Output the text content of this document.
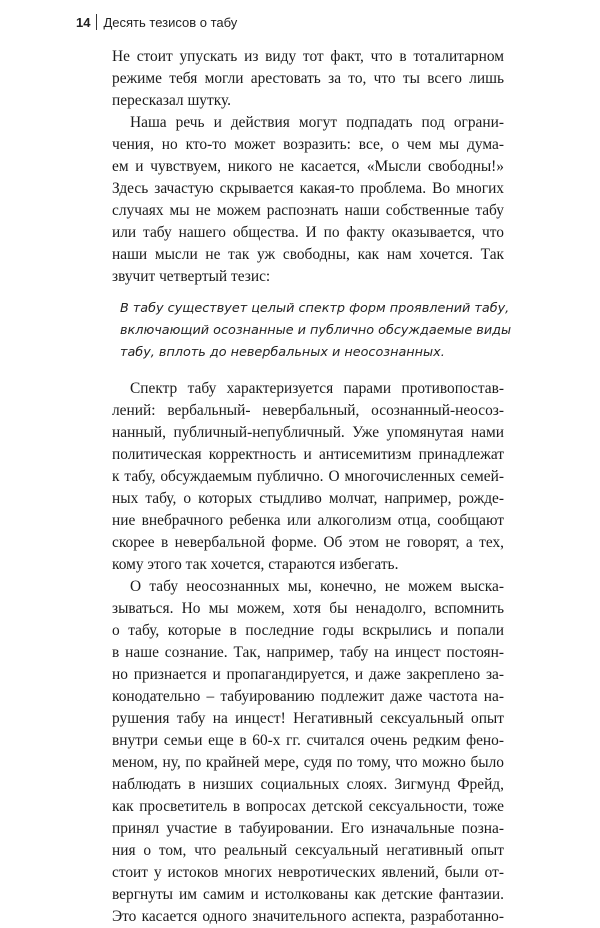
14 Десять тезисов о табу
Не стоит упускать из виду тот факт, что в тоталитарном
режиме тебя могли арестовать за то, что ты всего лишь
пересказал шутку.
Наша речь и действия могут подпадать под ограни-
чения, но кто-то может возразить: все, о чем мы дума-
ем и чувствуем, никого не касается, «Мысли свободны!»
Здесь зачастую скрывается какая-то проблема. Во многих
случаях мы не можем распознать наши собственные табу
или табу нашего общества. И по факту оказывается, что
наши мысли не так уж свободны, как нам хочется. Так
звучит четвертый тезис:
В табу существует целый спектр форм проявлений табу,
включающий осознанные и публично обсуждаемые виды
табу, вплоть до невербальных и неосознанных.
Спектр табу характеризуется парами противопостав-
лений: вербальный- невербальный, осознанный-неосоз-
нанный, публичный-непубличный. Уже упомянутая нами
политическая корректность и антисемитизм принадлежат
к табу, обсуждаемым публично. О многочисленных семей-
ных табу, о которых стыдливо молчат, например, рожде-
ние внебрачного ребенка или алкоголизм отца, сообщают
скорее в невербальной форме. Об этом не говорят, а тех,
кому этого так хочется, стараются избегать.
О табу неосознанных мы, конечно, не можем выска-
зываться. Но мы можем, хотя бы ненадолго, вспомнить
о табу, которые в последние годы вскрылись и попали
в наше сознание. Так, например, табу на инцест постоян-
но признается и пропагандируется, и даже закреплено за-
конодательно – табуированию подлежит даже частота на-
рушения табу на инцест! Негативный сексуальный опыт
внутри семьи еще в 60-х гг. считался очень редким фено-
меном, ну, по крайней мере, судя по тому, что можно было
наблюдать в низших социальных слоях. Зигмунд Фрейд,
как просветитель в вопросах детской сексуальности, тоже
принял участие в табуировании. Его изначальные позна-
ния о том, что реальный сексуальный негативный опыт
стоит у истоков многих невротических явлений, были от-
вергнуты им самим и истолкованы как детские фантазии.
Это касается одного значительного аспекта, разработанно-
